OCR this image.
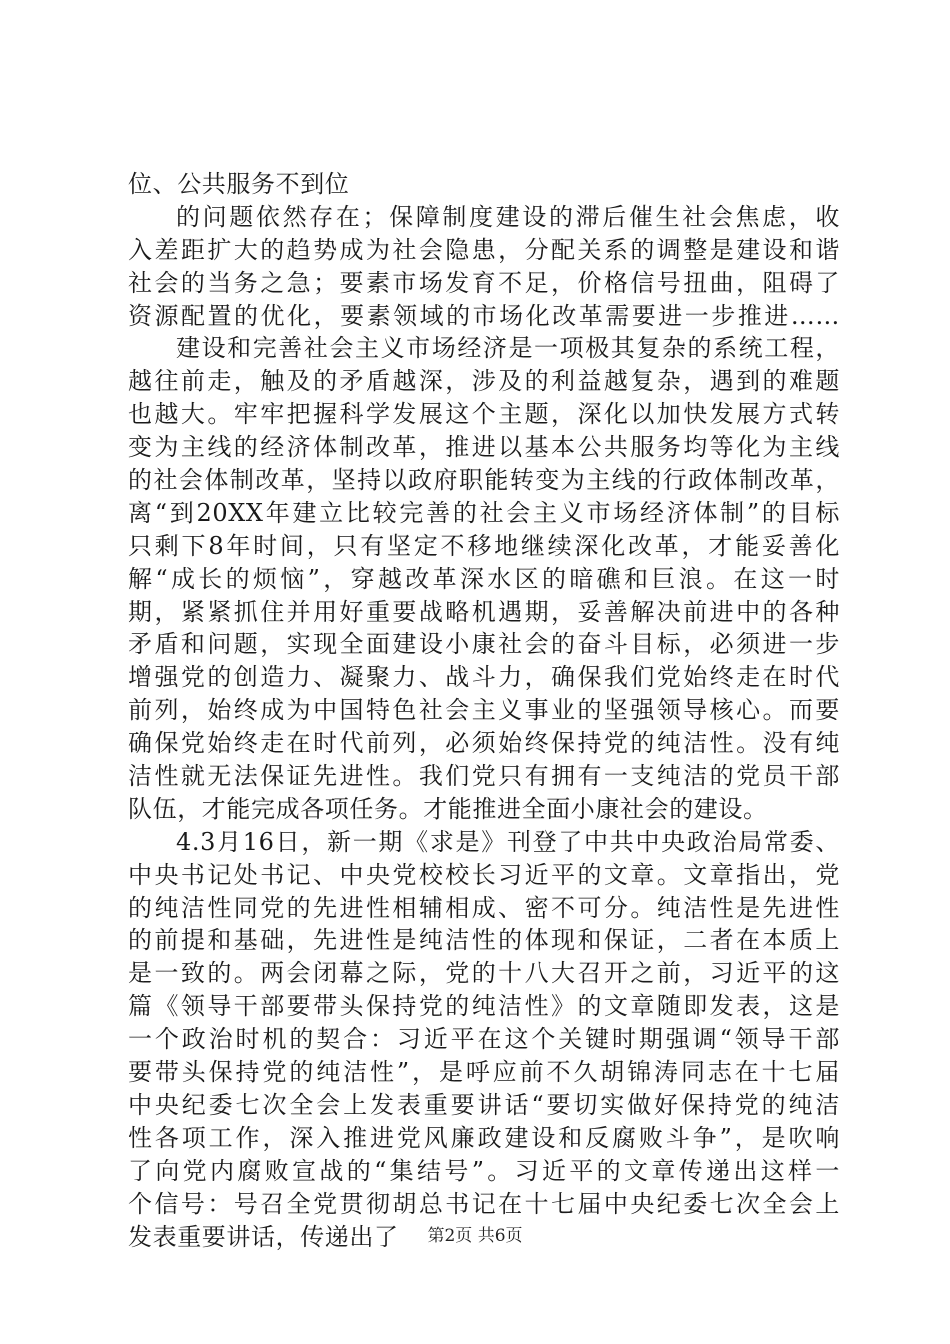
位、公共服务不到位
的问题依然存在；保障制度建设的滞后催生社会焦虑，收
入差距扩大的趋势成为社会隐患，分配关系的调整是建设和谐
社会的当务之急；要素市场发育不足，价格信号扭曲，阻碍了
资源配置的优化，要素领域的市场化改革需要进一步推进……
建设和完善社会主义市场经济是一项极其复杂的系统工程，
越往前走，触及的矛盾越深，涉及的利益越复杂，遇到的难题
也越大。牢牢把握科学发展这个主题，深化以加快发展方式转
变为主线的经济体制改革，推进以基本公共服务均等化为主线
的社会体制改革，坚持以政府职能转变为主线的行政体制改革，
离“到20XX年建立比较完善的社会主义市场经济体制”的目标
只剩下8年时间，只有坚定不移地继续深化改革，才能妥善化
解“成长的烦恼”，穿越改革深水区的暗礁和巨浪。在这一时
期，紧紧抓住并用好重要战略机遇期，妥善解决前进中的各种
矛盾和问题，实现全面建设小康社会的奋斗目标，必须进一步
增强党的创造力、凝聚力、战斗力，确保我们党始终走在时代
前列，始终成为中国特色社会主义事业的坚强领导核心。而要
确保党始终走在时代前列，必须始终保持党的纯洁性。没有纯
洁性就无法保证先进性。我们党只有拥有一支纯洁的党员干部
队伍，才能完成各项任务。才能推进全面小康社会的建设。
4.3月16日，新一期《求是》刊登了中共中央政治局常委、
中央书记处书记、中央党校校长习近平的文章。文章指出，党
的纯洁性同党的先进性相辅相成、密不可分。纯洁性是先进性
的前提和基础，先进性是纯洁性的体现和保证，二者在本质上
是一致的。两会闭幕之际，党的十八大召开之前，习近平的这
篇《领导干部要带头保持党的纯洁性》的文章随即发表，这是
一个政治时机的契合：习近平在这个关键时期强调“领导干部
要带头保持党的纯洁性”，是呼应前不久胡锦涛同志在十七届
中央纪委七次全会上发表重要讲话“要切实做好保持党的纯洁
性各项工作，深入推进党风廉政建设和反腐败斗争”，是吹响
了向党内腐败宣战的“集结号”。习近平的文章传递出这样一
个信号：号召全党贯彻胡总书记在十七届中央纪委七次全会上
发表重要讲话，传递出了	第2页 共6页
